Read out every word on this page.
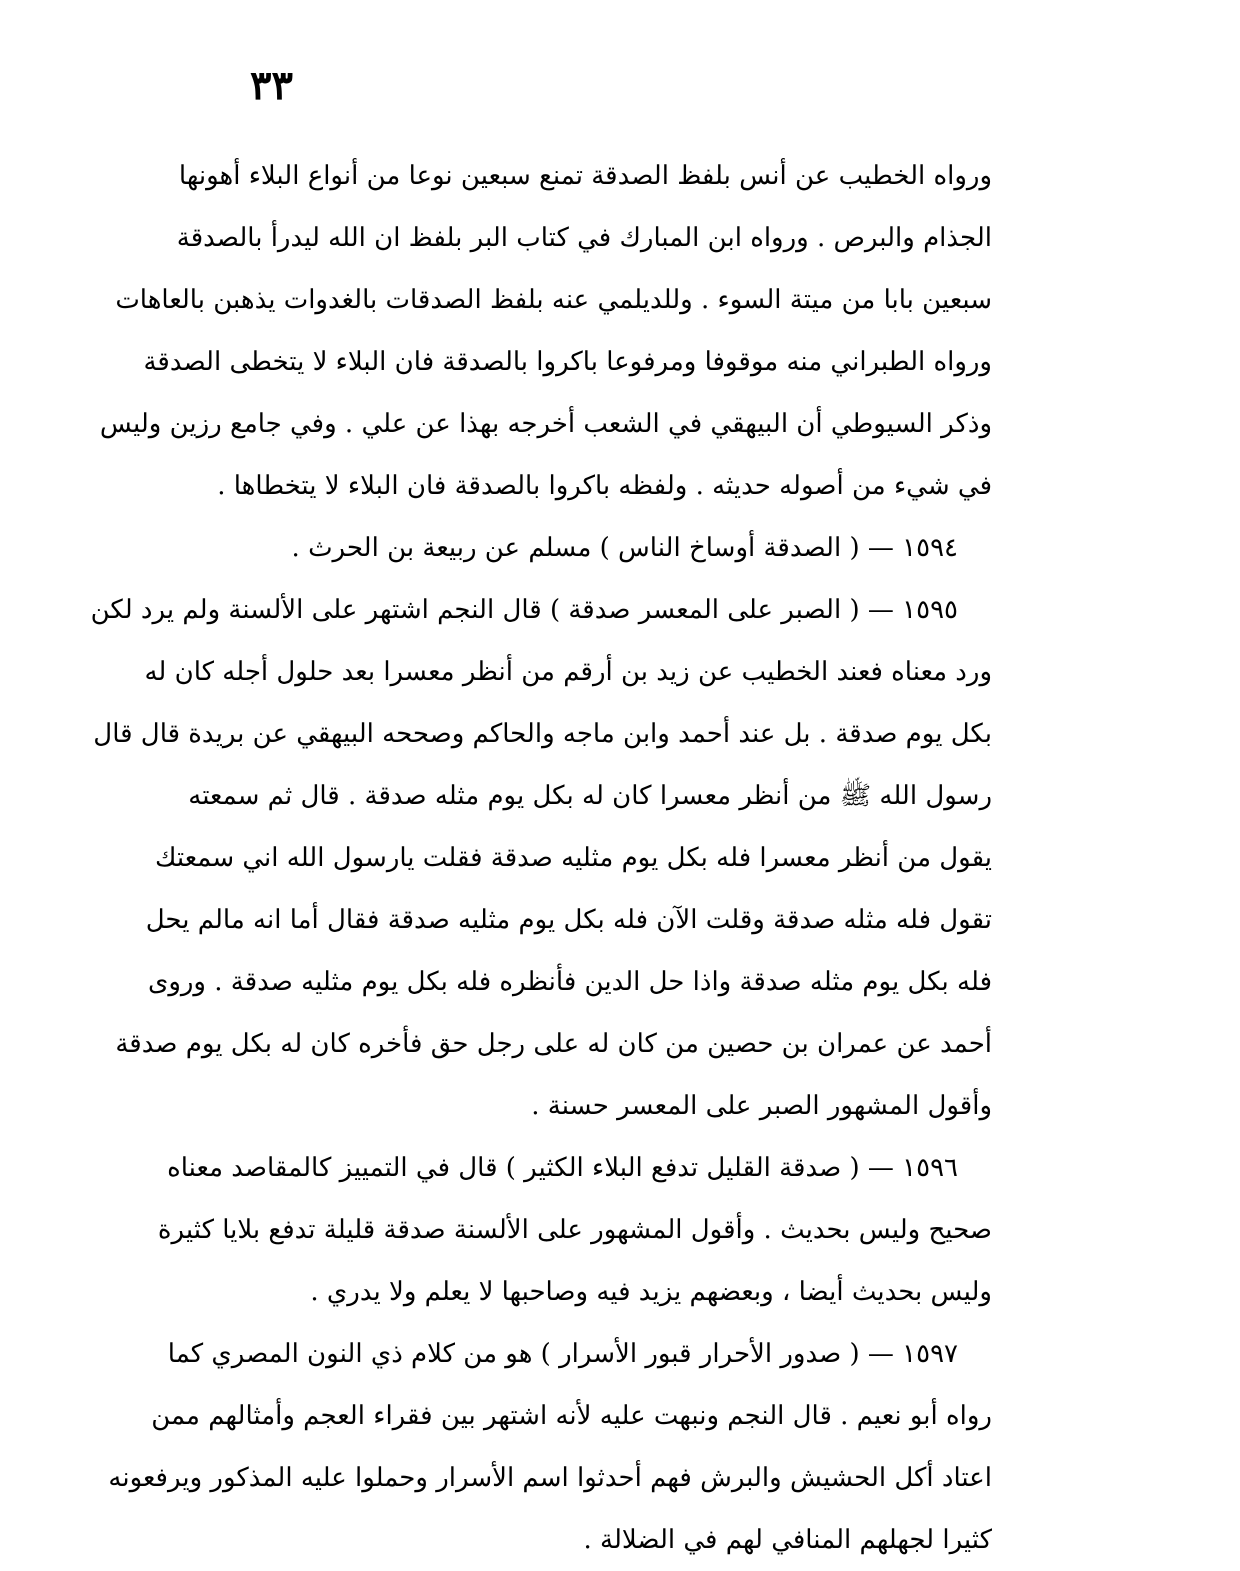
٣٣
ورواه الخطيب عن أنس بلفظ الصدقة تمنع سبعين نوعا من أنواع البلاء أهونها
الجذام والبرص . ورواه ابن المبارك في كتاب البر بلفظ ان الله ليدرأ بالصدقة
سبعين بابا من ميتة السوء . وللديلمي عنه بلفظ الصدقات بالغدوات يذهبن بالعاهات
ورواه الطبراني منه موقوفا ومرفوعا باكروا بالصدقة فان البلاء لا يتخطى الصدقة
وذكر السيوطي أن البيهقي في الشعب أخرجه بهذا عن علي . وفي جامع رزين وليس
في شيء من أصوله حديثه . ولفظه باكروا بالصدقة فان البلاء لا يتخطاها .
١٥٩٤ — ( الصدقة أوساخ الناس ) مسلم عن ربيعة بن الحرث .
١٥٩٥ — ( الصبر على المعسر صدقة ) قال النجم اشتهر على الألسنة ولم يرد لكن
ورد معناه فعند الخطيب عن زيد بن أرقم من أنظر معسرا بعد حلول أجله كان له
بكل يوم صدقة . بل عند أحمد وابن ماجه والحاكم وصححه البيهقي عن بريدة قال قال
رسول الله ﷺ من أنظر معسرا كان له بكل يوم مثله صدقة . قال ثم سمعته
يقول من أنظر معسرا فله بكل يوم مثليه صدقة فقلت يارسول الله اني سمعتك
تقول فله مثله صدقة وقلت الآن فله بكل يوم مثليه صدقة فقال أما انه مالم يحل
فله بكل يوم مثله صدقة واذا حل الدين فأنظره فله بكل يوم مثليه صدقة . وروى
أحمد عن عمران بن حصين من كان له على رجل حق فأخره كان له بكل يوم صدقة
وأقول المشهور الصبر على المعسر حسنة .
١٥٩٦ — ( صدقة القليل تدفع البلاء الكثير ) قال في التمييز كالمقاصد معناه
صحيح وليس بحديث . وأقول المشهور على الألسنة صدقة قليلة تدفع بلايا كثيرة
وليس بحديث أيضا ، وبعضهم يزيد فيه وصاحبها لا يعلم ولا يدري .
١٥٩٧ — ( صدور الأحرار قبور الأسرار ) هو من كلام ذي النون المصري كما
رواه أبو نعيم . قال النجم ونبهت عليه لأنه اشتهر بين فقراء العجم وأمثالهم ممن
اعتاد أكل الحشيش والبرش فهم أحدثوا اسم الأسرار وحملوا عليه المذكور ويرفعونه
كثيرا لجهلهم المنافي لهم في الضلالة .
